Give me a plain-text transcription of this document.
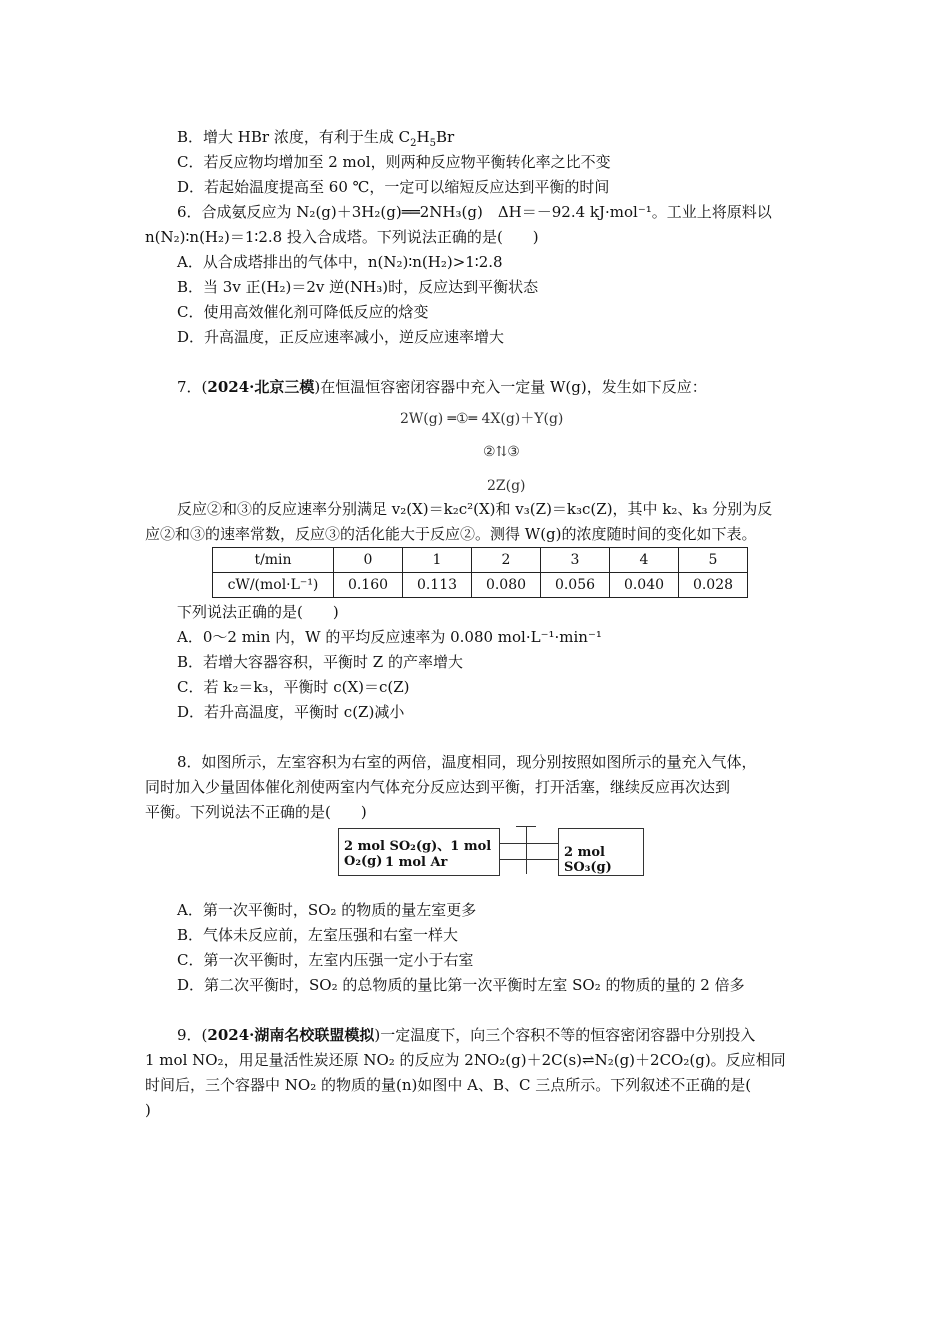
B．增大 HBr 浓度，有利于生成 $C_2H_5Br$
C．若反应物均增加至 2 mol，则两种反应物平衡转化率之比不变
D．若起始温度提高至 60 ℃，一定可以缩短反应达到平衡的时间
6．合成氨反应为 N₂(g)＋3H₂(g)══2NH₃(g)　ΔH＝－92.4 kJ·mol⁻¹。工业上将原料以
n(N₂)∶n(H₂)＝1∶2.8 投入合成塔。下列说法正确的是(　　)
A．从合成塔排出的气体中，n(N₂)∶n(H₂)>1∶2.8
B．当 3v 正(H₂)＝2v 逆(NH₃)时，反应达到平衡状态
C．使用高效催化剂可降低反应的焓变
D．升高温度，正反应速率减小，逆反应速率增大
7．(2024·北京三模)在恒温恒容密闭容器中充入一定量 W(g)，发生如下反应：
2W(g) ═①═ 4X(g)＋Y(g)
②⇅③
2Z(g)
反应②和③的反应速率分别满足 v₂(X)＝k₂c²(X)和 v₃(Z)＝k₃c(Z)，其中 k₂、k₃ 分别为反
应②和③的速率常数，反应③的活化能大于反应②。测得 W(g)的浓度随时间的变化如下表。
t/min	0	1	2	3	4	5
cW/(mol·L⁻¹)	0.160	0.113	0.080	0.056	0.040	0.028
下列说法正确的是(　　)
A．0～2 min 内，W 的平均反应速率为 0.080 mol·L⁻¹·min⁻¹
B．若增大容器容积，平衡时 Z 的产率增大
C．若 k₂＝k₃，平衡时 c(X)＝c(Z)
D．若升高温度，平衡时 c(Z)减小
8．如图所示，左室容积为右室的两倍，温度相同，现分别按照如图所示的量充入气体，
同时加入少量固体催化剂使两室内气体充分反应达到平衡，打开活塞，继续反应再次达到
平衡。下列说法不正确的是(　　)
2 mol SO₂(g)、1 mol O₂(g) 1 mol Ar
2 mol SO₃(g)
A．第一次平衡时，SO₂ 的物质的量左室更多
B．气体未反应前，左室压强和右室一样大
C．第一次平衡时，左室内压强一定小于右室
D．第二次平衡时，SO₂ 的总物质的量比第一次平衡时左室 SO₂ 的物质的量的 2 倍多
9．(2024·湖南名校联盟模拟)一定温度下，向三个容积不等的恒容密闭容器中分别投入
1 mol NO₂，用足量活性炭还原 NO₂ 的反应为 2NO₂(g)＋2C(s)⇌N₂(g)＋2CO₂(g)。反应相同
时间后，三个容器中 NO₂ 的物质的量(n)如图中 A、B、C 三点所示。下列叙述不正确的是(
)
